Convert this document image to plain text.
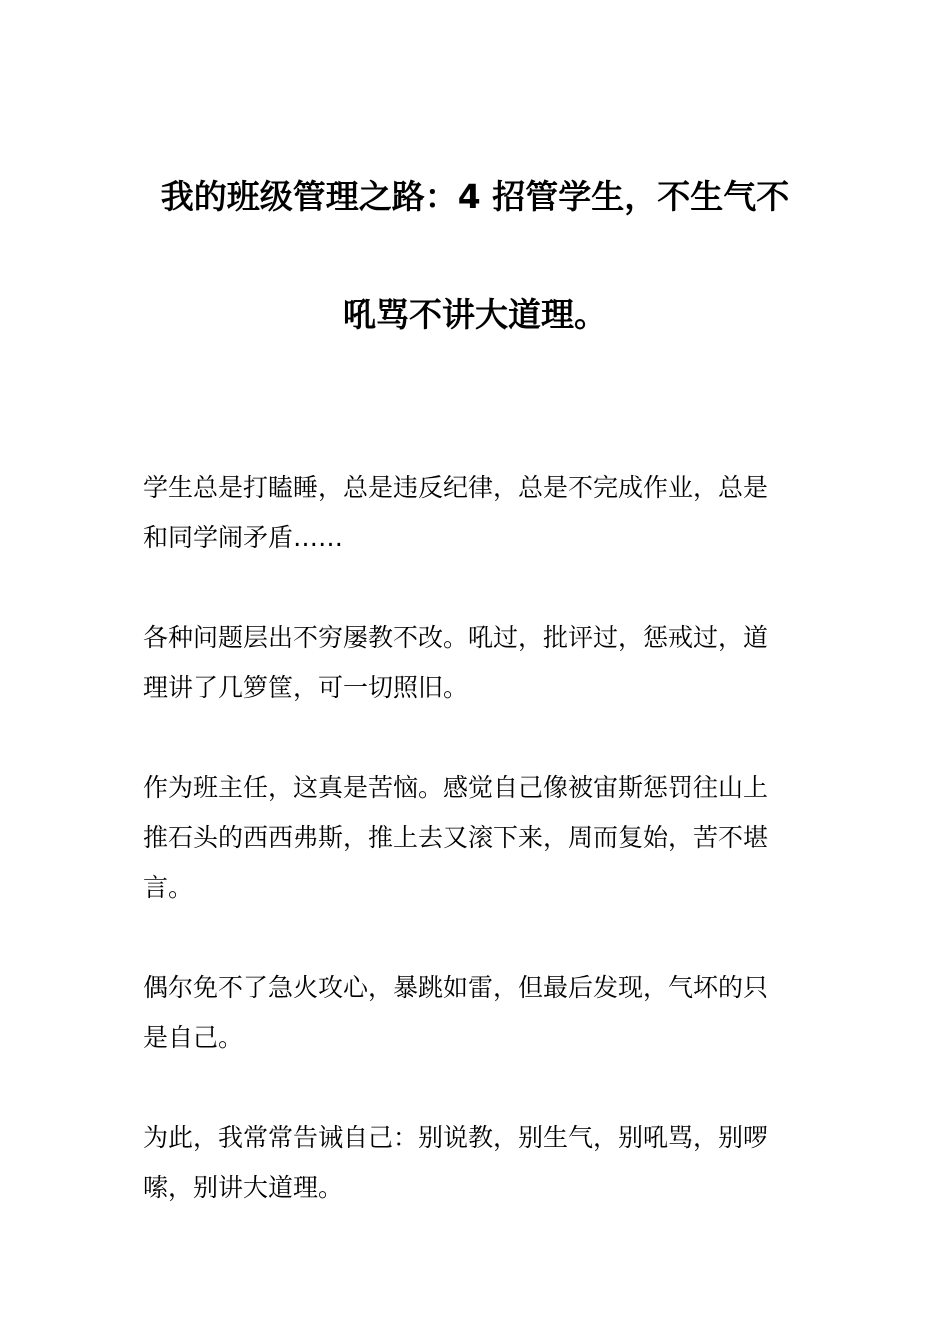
我的班级管理之路：4 招管学生，不生气不
吼骂不讲大道理。

学生总是打瞌睡，总是违反纪律，总是不完成作业，总是
和同学闹矛盾……

各种问题层出不穷屡教不改。吼过，批评过，惩戒过，道
理讲了几箩筐，可一切照旧。

作为班主任，这真是苦恼。感觉自己像被宙斯惩罚往山上
推石头的西西弗斯，推上去又滚下来，周而复始，苦不堪
言。

偶尔免不了急火攻心，暴跳如雷，但最后发现，气坏的只
是自己。

为此，我常常告诫自己：别说教，别生气，别吼骂，别啰
嗦，别讲大道理。
